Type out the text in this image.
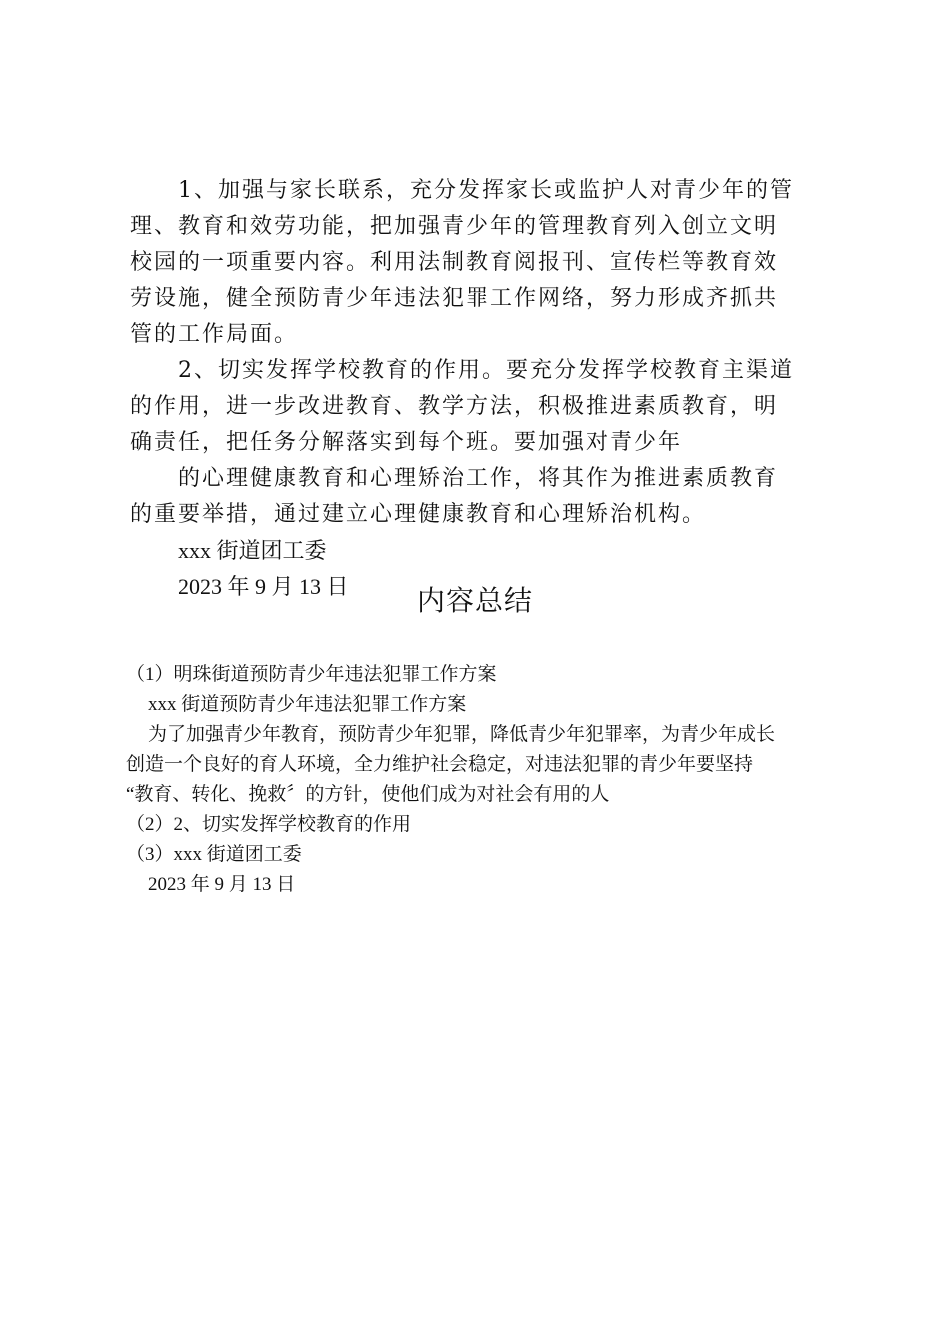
1、加强与家长联系，充分发挥家长或监护人对青少年的管
理、教育和效劳功能，把加强青少年的管理教育列入创立文明
校园的一项重要内容。利用法制教育阅报刊、宣传栏等教育效
劳设施，健全预防青少年违法犯罪工作网络，努力形成齐抓共
管的工作局面。
2、切实发挥学校教育的作用。要充分发挥学校教育主渠道
的作用，进一步改进教育、教学方法，积极推进素质教育，明
确责任，把任务分解落实到每个班。要加强对青少年
的心理健康教育和心理矫治工作，将其作为推进素质教育
的重要举措，通过建立心理健康教育和心理矫治机构。
xxx 街道团工委
2023 年 9 月 13 日	内容总结
（1）明珠街道预防青少年违法犯罪工作方案
xxx 街道预防青少年违法犯罪工作方案
为了加强青少年教育，预防青少年犯罪，降低青少年犯罪率，为青少年成长
创造一个良好的育人环境，全力维护社会稳定，对违法犯罪的青少年要坚持
“教育、转化、挽救〞的方针，使他们成为对社会有用的人
（2）2、切实发挥学校教育的作用
（3）xxx 街道团工委
2023 年 9 月 13 日
